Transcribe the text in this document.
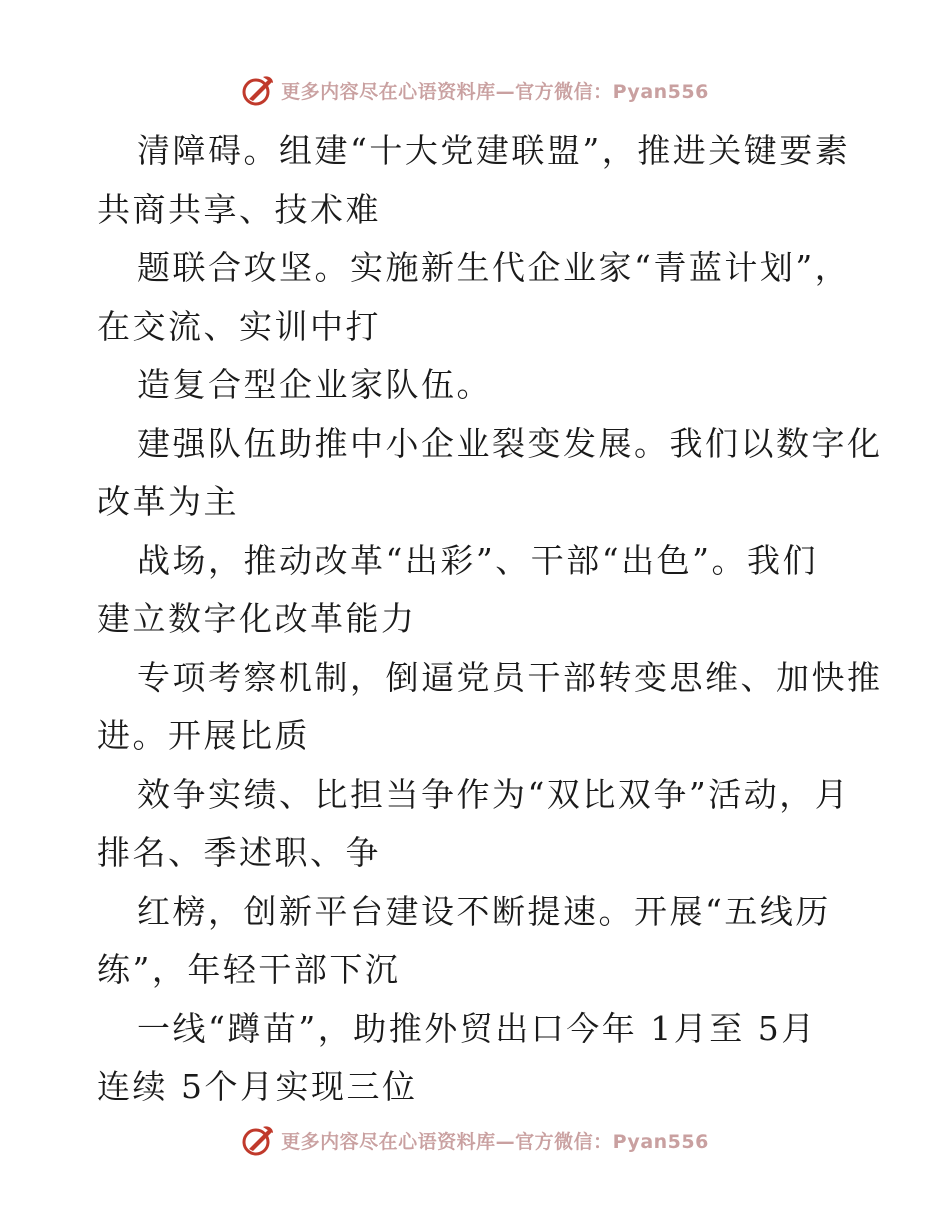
更多内容尽在心语资料库—官方微信：Pyan556
清障碍。组建“十大党建联盟”，推进关键要素
共商共享、技术难
题联合攻坚。实施新生代企业家“青蓝计划”，
在交流、实训中打
造复合型企业家队伍。
建强队伍助推中小企业裂变发展。我们以数字化
改革为主
战场，推动改革“出彩”、干部“出色”。我们
建立数字化改革能力
专项考察机制，倒逼党员干部转变思维、加快推
进。开展比质
效争实绩、比担当争作为“双比双争”活动，月
排名、季述职、争
红榜，创新平台建设不断提速。开展“五线历
练”，年轻干部下沉
一线“蹲苗”，助推外贸出口今年 1月至 5月
连续 5个月实现三位
更多内容尽在心语资料库—官方微信：Pyan556
